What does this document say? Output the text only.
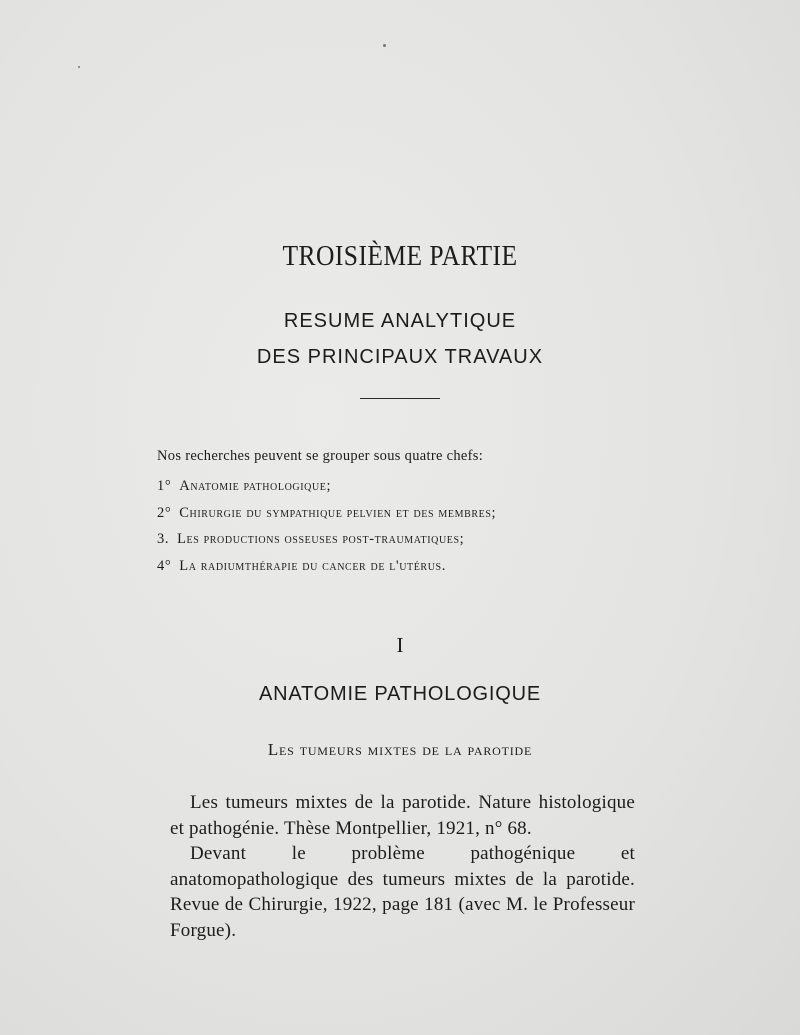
TROISIÈME PARTIE
RESUME ANALYTIQUE
DES PRINCIPAUX TRAVAUX
Nos recherches peuvent se grouper sous quatre chefs:
1° Anatomie pathologique;
2° Chirurgie du sympathique pelvien et des membres;
3. Les productions osseuses post-traumatiques;
4° La radiumthérapie du cancer de l'utérus.
I
ANATOMIE PATHOLOGIQUE
Les tumeurs mixtes de la parotide

Les tumeurs mixtes de la parotide. Nature histologique et pathogénie. Thèse Montpellier, 1921, n° 68.

Devant le problème pathogénique et anatomopathologique des tumeurs mixtes de la parotide. Revue de Chirurgie, 1922, page 181 (avec M. le Professeur Forgue).
